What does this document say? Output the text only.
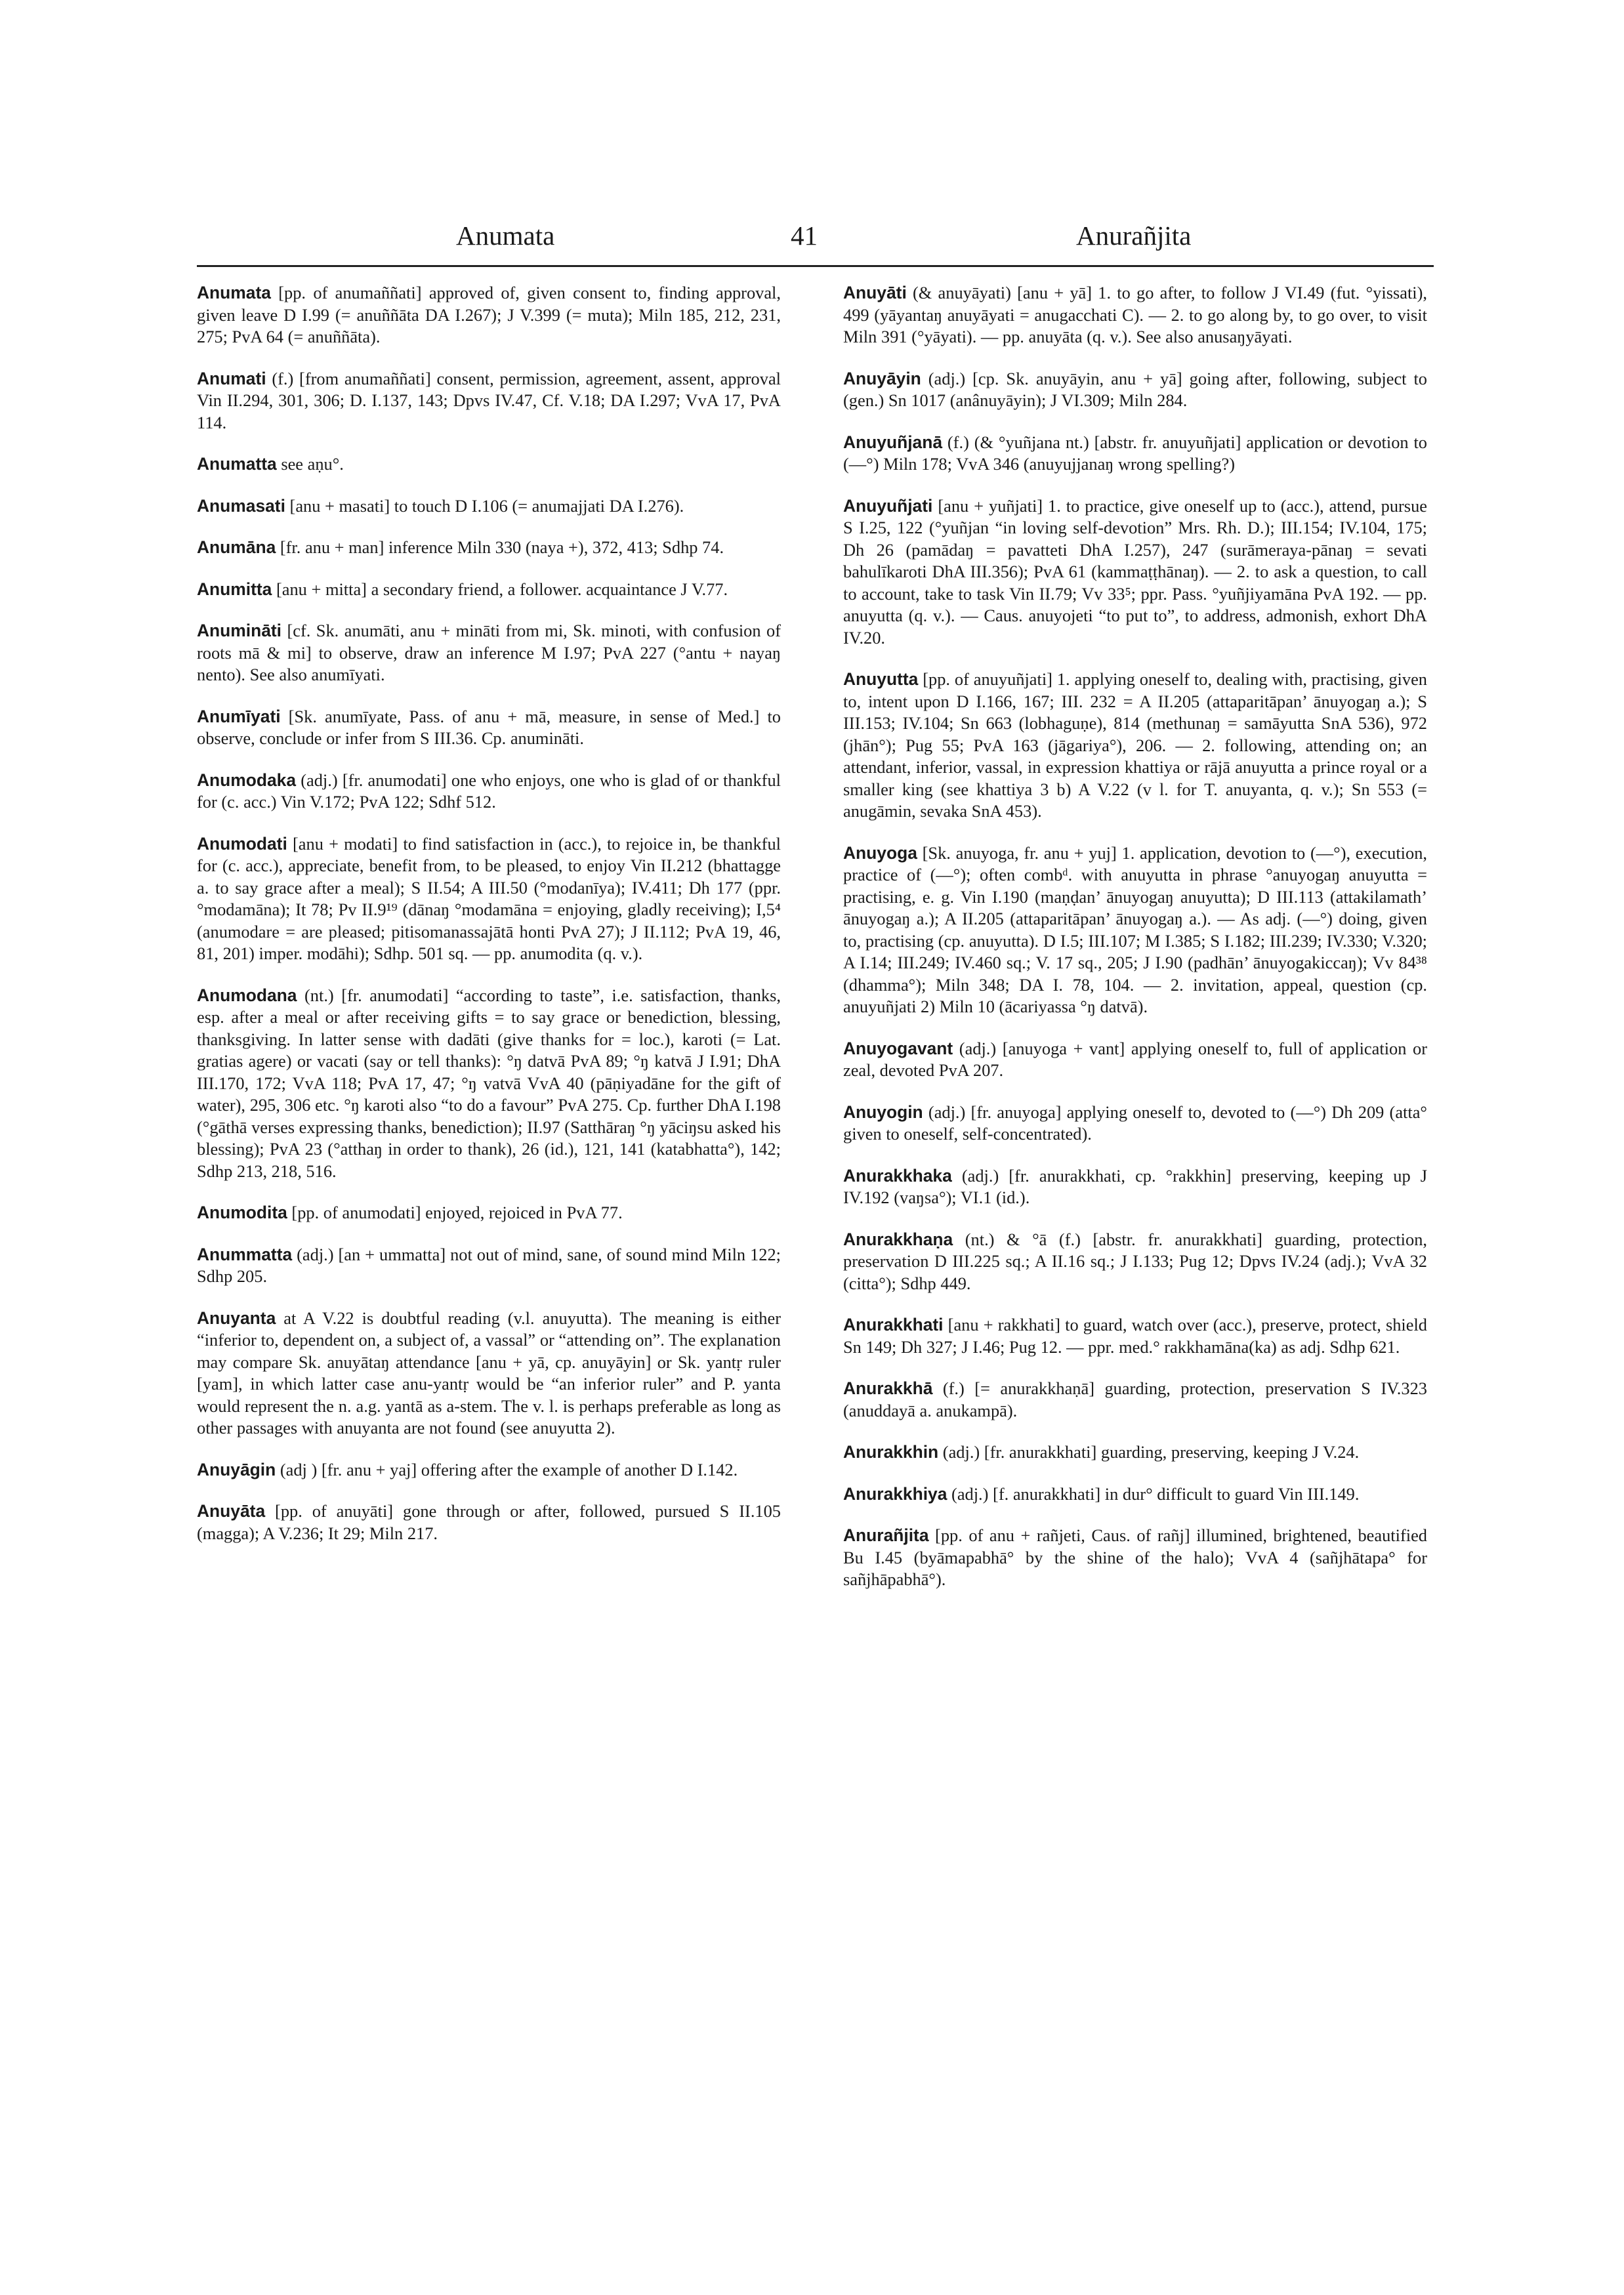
Anumata	41	Anurañjita

Anumata [pp. of anumaññati] approved of, given consent to, finding approval, given leave D I.99 (= anuññāta DA I.267); J V.399 (= muta); Miln 185, 212, 231, 275; PvA 64 (= anuññāta).

Anumati (f.) [from anumaññati] consent, permission, agreement, assent, approval Vin II.294, 301, 306; D. I.137, 143; Dpvs IV.47, Cf. V.18; DA I.297; VvA 17, PvA 114.

Anumatta see aṇu°.

Anumasati [anu + masati] to touch D I.106 (= anumajjati DA I.276).

Anumāna [fr. anu + man] inference Miln 330 (naya +), 372, 413; Sdhp 74.

Anumitta [anu + mitta] a secondary friend, a follower. acquaintance J V.77.

Anumināti [cf. Sk. anumāti, anu + mināti from mi, Sk. minoti, with confusion of roots mā & mi] to observe, draw an inference M I.97; PvA 227 (°antu + nayaŋ nento). See also anumīyati.

Anumīyati [Sk. anumīyate, Pass. of anu + mā, measure, in sense of Med.] to observe, conclude or infer from S III.36. Cp. anumināti.

Anumodaka (adj.) [fr. anumodati] one who enjoys, one who is glad of or thankful for (c. acc.) Vin V.172; PvA 122; Sdhf 512.

Anumodati [anu + modati] to find satisfaction in (acc.), to rejoice in, be thankful for (c. acc.), appreciate, benefit from, to be pleased, to enjoy Vin II.212 (bhattagge a. to say grace after a meal); S II.54; A III.50 (°modanīya); IV.411; Dh 177 (ppr. °modamāna); It 78; Pv II.9¹⁹ (dānaŋ °modamāna = enjoying, gladly receiving); I,5⁴ (anumodare = are pleased; pitisomanassajātā honti PvA 27); J II.112; PvA 19, 46, 81, 201) imper. modāhi); Sdhp. 501 sq. — pp. anumodita (q. v.).

Anumodana (nt.) [fr. anumodati] “according to taste”, i.e. satisfaction, thanks, esp. after a meal or after receiving gifts = to say grace or benediction, blessing, thanksgiving. In latter sense with dadāti (give thanks for = loc.), karoti (= Lat. gratias agere) or vacati (say or tell thanks): °ŋ datvā PvA 89; °ŋ katvā J I.91; DhA III.170, 172; VvA 118; PvA 17, 47; °ŋ vatvā VvA 40 (pāṇiyadāne for the gift of water), 295, 306 etc. °ŋ karoti also “to do a favour” PvA 275. Cp. further DhA I.198 (°gāthā verses expressing thanks, benediction); II.97 (Satthāraŋ °ŋ yāciŋsu asked his blessing); PvA 23 (°atthaŋ in order to thank), 26 (id.), 121, 141 (katabhatta°), 142; Sdhp 213, 218, 516.

Anumodita [pp. of anumodati] enjoyed, rejoiced in PvA 77.

Anummatta (adj.) [an + ummatta] not out of mind, sane, of sound mind Miln 122; Sdhp 205.

Anuyanta at A V.22 is doubtful reading (v.l. anuyutta). The meaning is either “inferior to, dependent on, a subject of, a vassal” or “attending on”. The explanation may compare Sk. anuyātaŋ attendance [anu + yā, cp. anuyāyin] or Sk. yantṛ ruler [yam], in which latter case anu-yantṛ would be “an inferior ruler” and P. yanta would represent the n. a.g. yantā as a-stem. The v. l. is perhaps preferable as long as other passages with anuyanta are not found (see anuyutta 2).

Anuyāgin (adj ) [fr. anu + yaj] offering after the example of another D I.142.

Anuyāta [pp. of anuyāti] gone through or after, followed, pursued S II.105 (magga); A V.236; It 29; Miln 217.

Anuyāti (& anuyāyati) [anu + yā] 1. to go after, to follow J VI.49 (fut. °yissati), 499 (yāyantaŋ anuyāyati = anugacchati C). — 2. to go along by, to go over, to visit Miln 391 (°yāyati). — pp. anuyāta (q. v.). See also anusaŋyāyati.

Anuyāyin (adj.) [cp. Sk. anuyāyin, anu + yā] going after, following, subject to (gen.) Sn 1017 (anânuyāyin); J VI.309; Miln 284.

Anuyuñjanā (f.) (& °yuñjana nt.) [abstr. fr. anuyuñjati] application or devotion to (—°) Miln 178; VvA 346 (anuyujjanaŋ wrong spelling?)

Anuyuñjati [anu + yuñjati] 1. to practice, give oneself up to (acc.), attend, pursue S I.25, 122 (°yuñjan “in loving self-devotion” Mrs. Rh. D.); III.154; IV.104, 175; Dh 26 (pamādaŋ = pavatteti DhA I.257), 247 (surāmeraya-pānaŋ = sevati bahulīkaroti DhA III.356); PvA 61 (kammaṭṭhānaŋ). — 2. to ask a question, to call to account, take to task Vin II.79; Vv 33⁵; ppr. Pass. °yuñjiyamāna PvA 192. — pp. anuyutta (q. v.). — Caus. anuyojeti “to put to”, to address, admonish, exhort DhA IV.20.

Anuyutta [pp. of anuyuñjati] 1. applying oneself to, dealing with, practising, given to, intent upon D I.166, 167; III. 232 = A II.205 (attaparitāpan’ ānuyogaŋ a.); S III.153; IV.104; Sn 663 (lobhaguṇe), 814 (methunaŋ = samāyutta SnA 536), 972 (jhān°); Pug 55; PvA 163 (jāgariya°), 206. — 2. following, attending on; an attendant, inferior, vassal, in expression khattiya or rājā anuyutta a prince royal or a smaller king (see khattiya 3 b) A V.22 (v l. for T. anuyanta, q. v.); Sn 553 (= anugāmin, sevaka SnA 453).

Anuyoga [Sk. anuyoga, fr. anu + yuj] 1. application, devotion to (—°), execution, practice of (—°); often combᵈ. with anuyutta in phrase °anuyogaŋ anuyutta = practising, e. g. Vin I.190 (maṇḍan’ ānuyogaŋ anuyutta); D III.113 (attakilamath’ ānuyogaŋ a.); A II.205 (attaparitāpan’ ānuyogaŋ a.). — As adj. (—°) doing, given to, practising (cp. anuyutta). D I.5; III.107; M I.385; S I.182; III.239; IV.330; V.320; A I.14; III.249; IV.460 sq.; V. 17 sq., 205; J I.90 (padhān’ ānuyogakiccaŋ); Vv 84³⁸ (dhamma°); Miln 348; DA I. 78, 104. — 2. invitation, appeal, question (cp. anuyuñjati 2) Miln 10 (ācariyassa °ŋ datvā).

Anuyogavant (adj.) [anuyoga + vant] applying oneself to, full of application or zeal, devoted PvA 207.

Anuyogin (adj.) [fr. anuyoga] applying oneself to, devoted to (—°) Dh 209 (atta° given to oneself, self-concentrated).

Anurakkhaka (adj.) [fr. anurakkhati, cp. °rakkhin] preserving, keeping up J IV.192 (vaŋsa°); VI.1 (id.).

Anurakkhaṇa (nt.) & °ā (f.) [abstr. fr. anurakkhati] guarding, protection, preservation D III.225 sq.; A II.16 sq.; J I.133; Pug 12; Dpvs IV.24 (adj.); VvA 32 (citta°); Sdhp 449.

Anurakkhati [anu + rakkhati] to guard, watch over (acc.), preserve, protect, shield Sn 149; Dh 327; J I.46; Pug 12. — ppr. med.° rakkhamāna(ka) as adj. Sdhp 621.

Anurakkhā (f.) [= anurakkhaṇā] guarding, protection, preservation S IV.323 (anuddayā a. anukampā).

Anurakkhin (adj.) [fr. anurakkhati] guarding, preserving, keeping J V.24.

Anurakkhiya (adj.) [f. anurakkhati] in dur° difficult to guard Vin III.149.

Anurañjita [pp. of anu + rañjeti, Caus. of rañj] illumined, brightened, beautified Bu I.45 (byāmapabhā° by the shine of the halo); VvA 4 (sañjhātapa° for sañjhāpabhā°).
